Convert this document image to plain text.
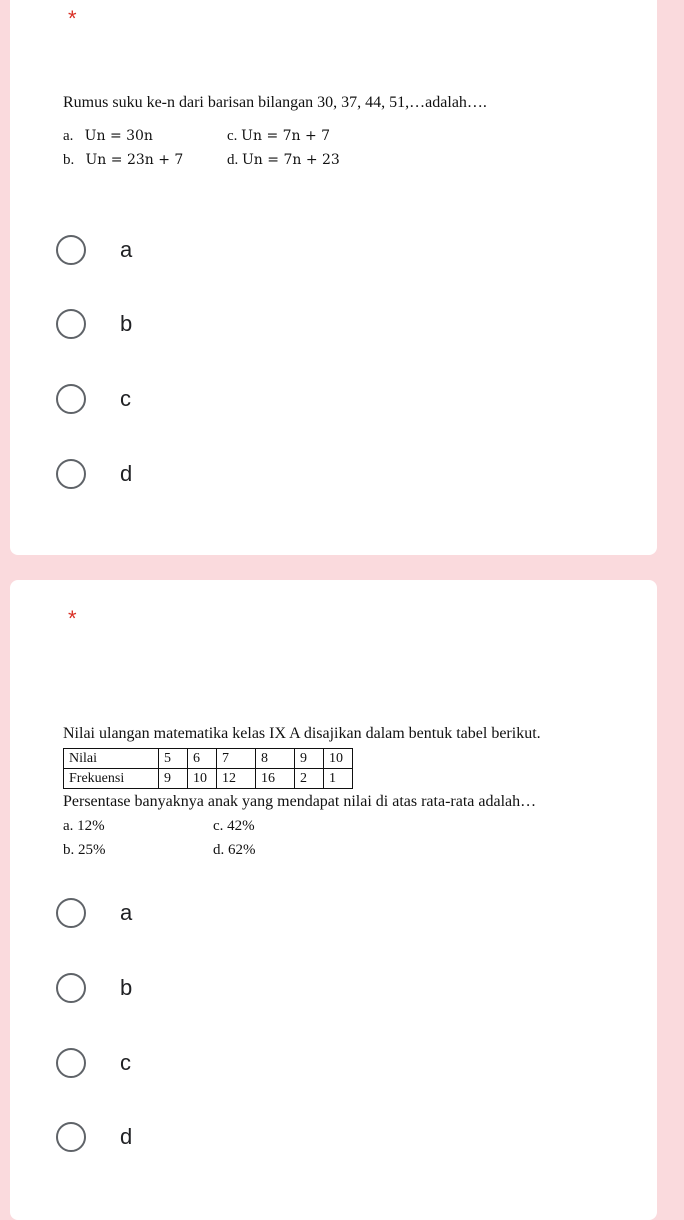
*
Rumus suku ke-n dari barisan bilangan 30, 37, 44, 51,…adalah….
a. Un = 30n	c. Un = 7n + 7
b. Un = 23n + 7	d. Un = 7n + 23
a
b
c
d
*
Nilai ulangan matematika kelas IX A disajikan dalam bentuk tabel berikut.
Nilai	5	6	7	8	9	10
Frekuensi	9	10	12	16	2	1
Persentase banyaknya anak yang mendapat nilai di atas rata-rata adalah…
a. 12%	c. 42%
b. 25%	d. 62%
a
b
c
d
